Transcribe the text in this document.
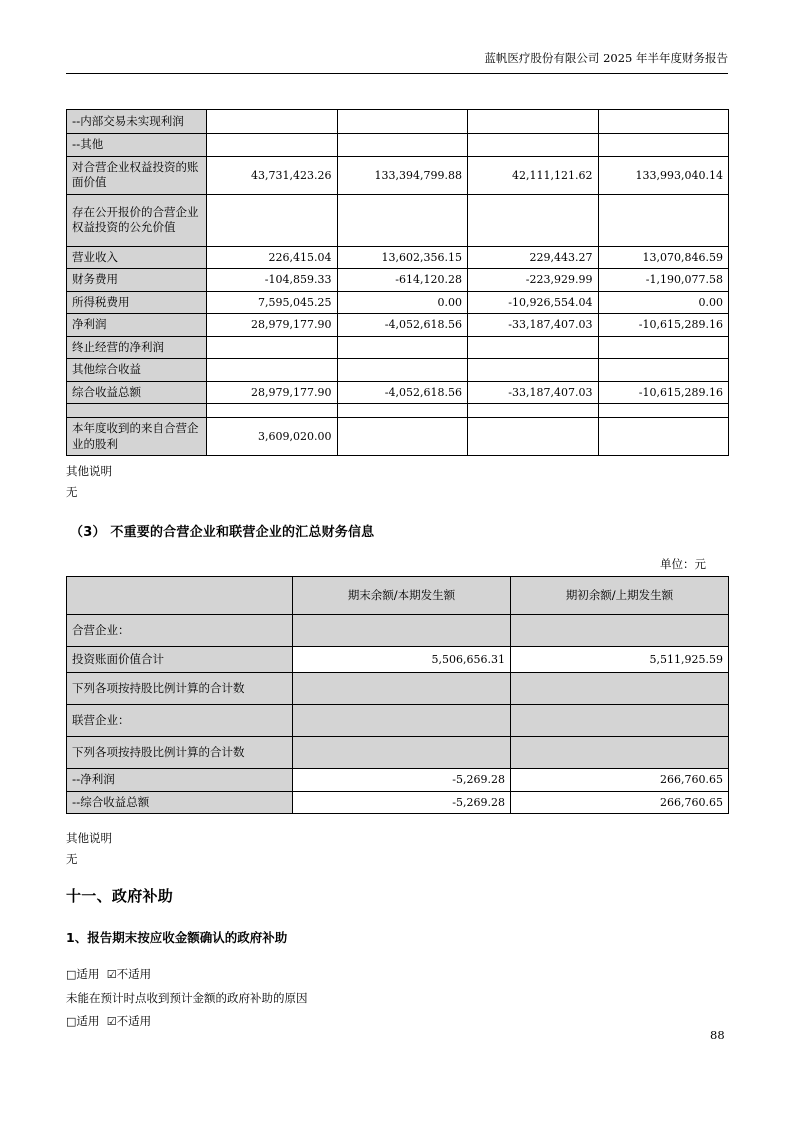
蓝帆医疗股份有限公司 2025 年半年度财务报告
--内部交易未实现利润				
--其他				
对合营企业权益投资的账面价值	43,731,423.26	133,394,799.88	42,111,121.62	133,993,040.14
存在公开报价的合营企业权益投资的公允价值				
营业收入	226,415.04	13,602,356.15	229,443.27	13,070,846.59
财务费用	-104,859.33	-614,120.28	-223,929.99	-1,190,077.58
所得税费用	7,595,045.25	0.00	-10,926,554.04	0.00
净利润	28,979,177.90	-4,052,618.56	-33,187,407.03	-10,615,289.16
终止经营的净利润				
其他综合收益				
综合收益总额	28,979,177.90	-4,052,618.56	-33,187,407.03	-10,615,289.16

本年度收到的来自合营企业的股利	3,609,020.00			
其他说明
无
（3） 不重要的合营企业和联营企业的汇总财务信息
单位：元
	期末余额/本期发生额	期初余额/上期发生额
合营企业：		
投资账面价值合计	5,506,656.31	5,511,925.59
下列各项按持股比例计算的合计数		
联营企业：		
下列各项按持股比例计算的合计数		
--净利润	-5,269.28	266,760.65
--综合收益总额	-5,269.28	266,760.65
其他说明
无
十一、政府补助
1、报告期末按应收金额确认的政府补助
□适用 ☑不适用
未能在预计时点收到预计金额的政府补助的原因
□适用 ☑不适用
88
